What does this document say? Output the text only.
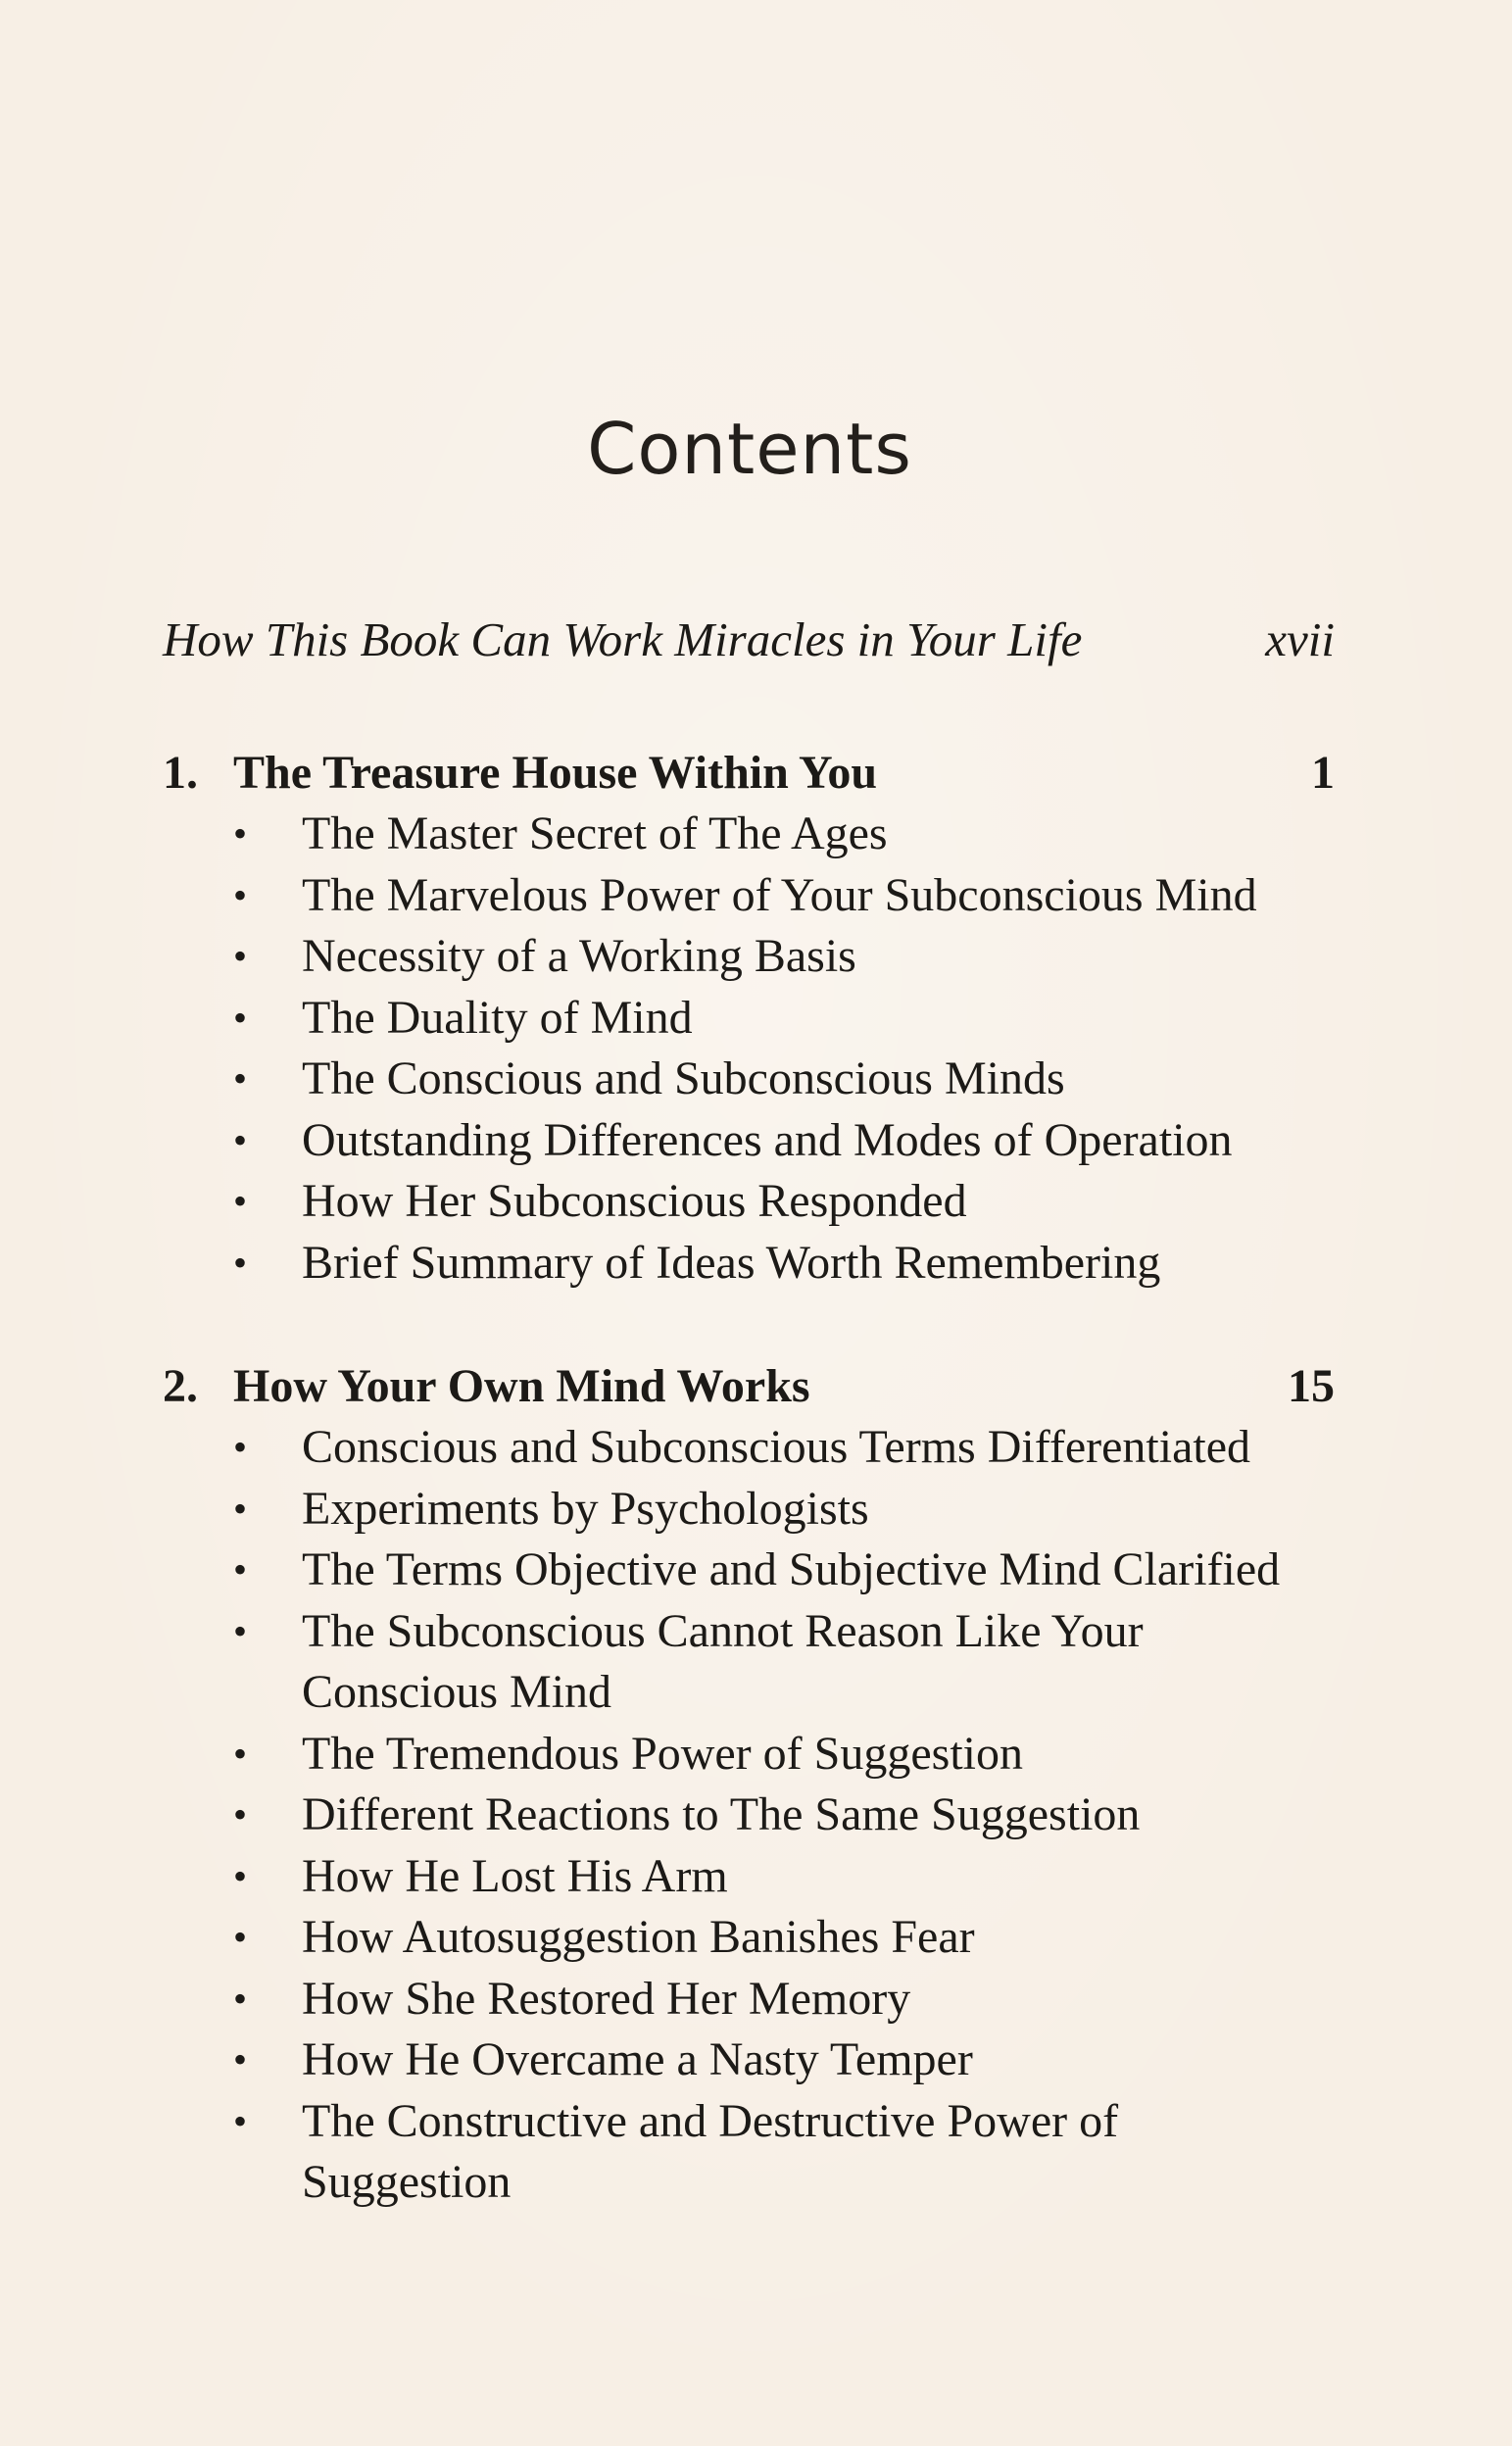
Contents
How This Book Can Work Miracles in Your Life	xvii
1. The Treasure House Within You	1
• The Master Secret of The Ages
• The Marvelous Power of Your Subconscious Mind
• Necessity of a Working Basis
• The Duality of Mind
• The Conscious and Subconscious Minds
• Outstanding Differences and Modes of Operation
• How Her Subconscious Responded
• Brief Summary of Ideas Worth Remembering
2. How Your Own Mind Works	15
• Conscious and Subconscious Terms Differentiated
• Experiments by Psychologists
• The Terms Objective and Subjective Mind Clarified
• The Subconscious Cannot Reason Like Your Conscious Mind
• The Tremendous Power of Suggestion
• Different Reactions to The Same Suggestion
• How He Lost His Arm
• How Autosuggestion Banishes Fear
• How She Restored Her Memory
• How He Overcame a Nasty Temper
• The Constructive and Destructive Power of Suggestion
